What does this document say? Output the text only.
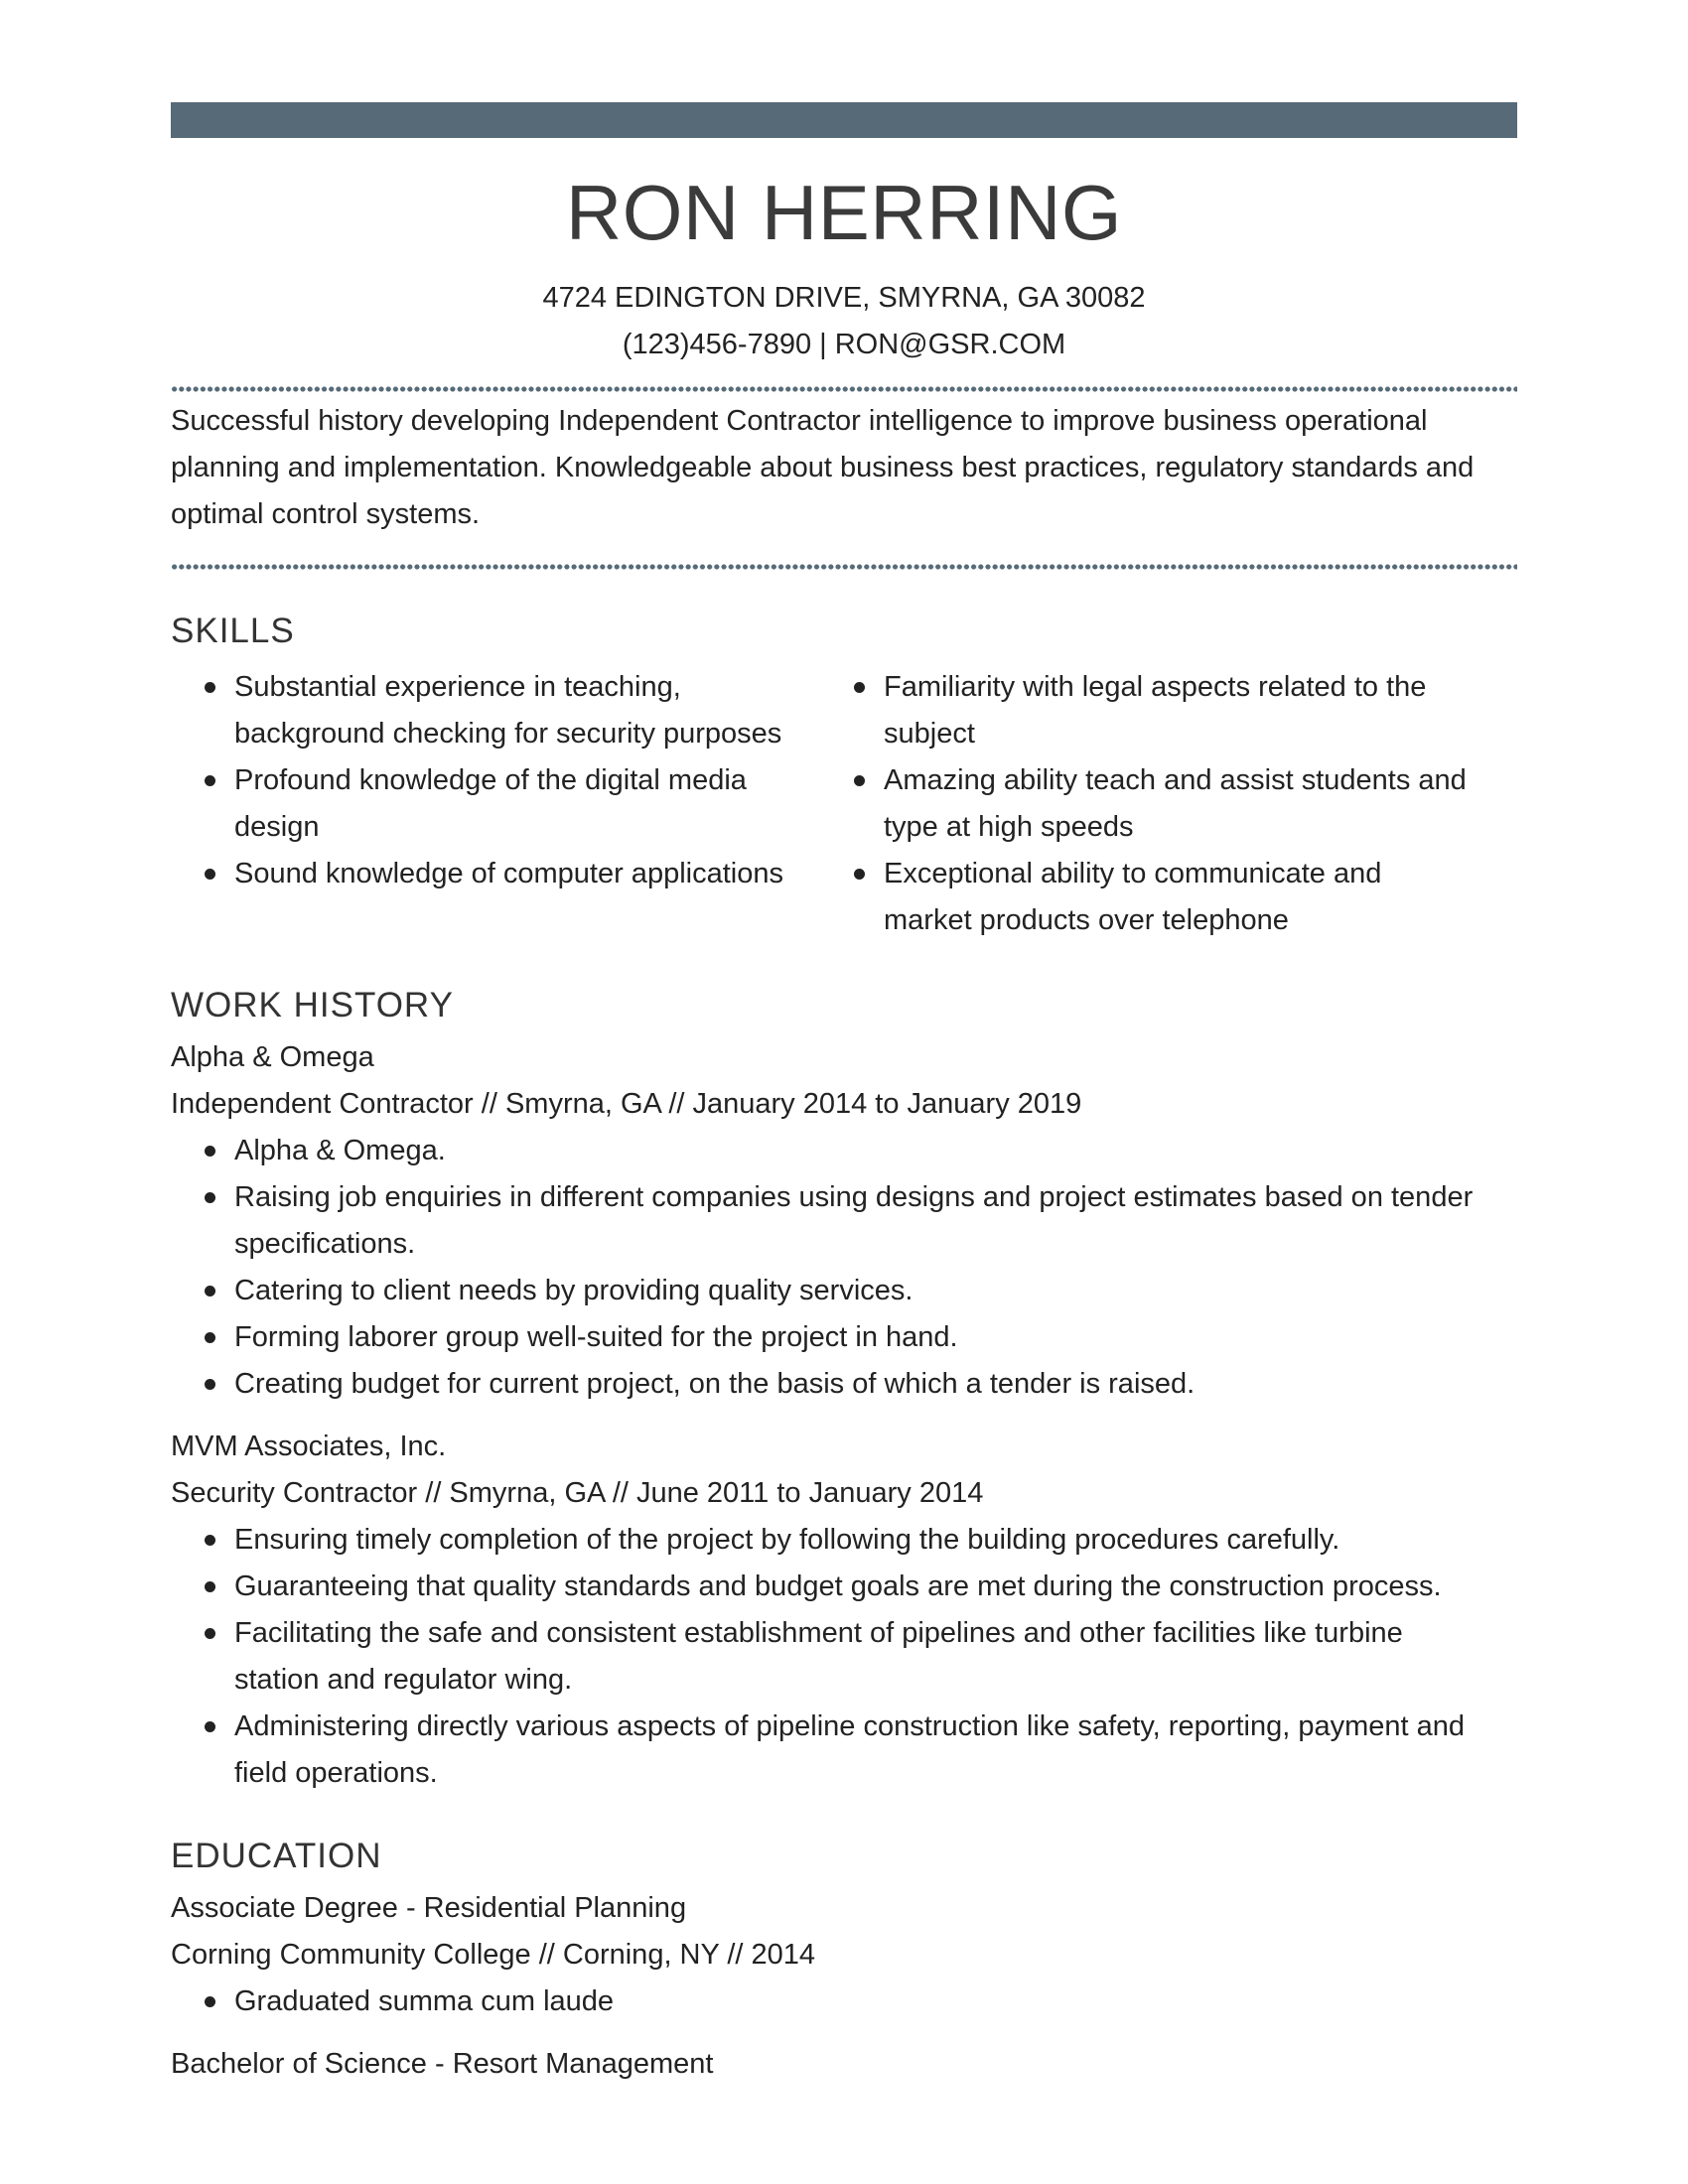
RON HERRING
4724 EDINGTON DRIVE, SMYRNA, GA 30082
(123)456-7890 | RON@GSR.COM
Successful history developing Independent Contractor intelligence to improve business operational
planning and implementation. Knowledgeable about business best practices, regulatory standards and
optimal control systems.
SKILLS
Substantial experience in teaching,
background checking for security purposes
Profound knowledge of the digital media
design
Sound knowledge of computer applications
Familiarity with legal aspects related to the
subject
Amazing ability teach and assist students and
type at high speeds
Exceptional ability to communicate and
market products over telephone
WORK HISTORY
Alpha & Omega
Independent Contractor // Smyrna, GA // January 2014 to January 2019
Alpha & Omega.
Raising job enquiries in different companies using designs and project estimates based on tender
specifications.
Catering to client needs by providing quality services.
Forming laborer group well-suited for the project in hand.
Creating budget for current project, on the basis of which a tender is raised.
MVM Associates, Inc.
Security Contractor // Smyrna, GA // June 2011 to January 2014
Ensuring timely completion of the project by following the building procedures carefully.
Guaranteeing that quality standards and budget goals are met during the construction process.
Facilitating the safe and consistent establishment of pipelines and other facilities like turbine
station and regulator wing.
Administering directly various aspects of pipeline construction like safety, reporting, payment and
field operations.
EDUCATION
Associate Degree - Residential Planning
Corning Community College // Corning, NY // 2014
Graduated summa cum laude
Bachelor of Science - Resort Management
